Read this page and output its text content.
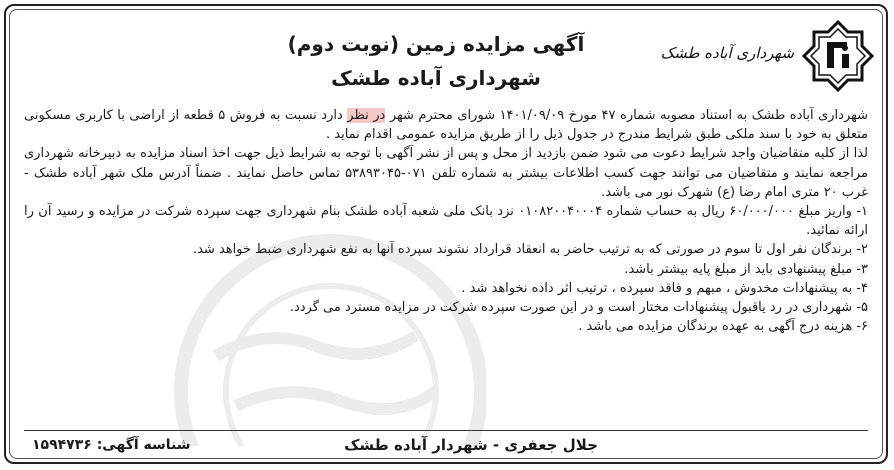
شهرداری آباده طشک
آگهی مزایده زمین (نوبت دوم)
شهرداری آباده طشک

شهرداری آباده طشک به استناد مصوبه شماره ۴۷ مورخ ۱۴۰۱/۰۹/۰۹ شورای محترم شهر در نظر دارد نسبت به فروش ۵ قطعه از اراضی با کاربری مسکونی متعلق به خود با سند ملکی طبق شرایط مندرج در جدول ذیل را از طریق مزایده عمومی اقدام نماید .

لذا از کلیه متقاضیان واجد شرایط دعوت می شود ضمن بازدید از محل و پس از نشر آگهی با توجه به شرایط ذیل جهت اخذ اسناد مزایده به دبیرخانه شهرداری مراجعه نمایند و متقاضیان می توانند جهت کسب اطلاعات بیشتر به شماره تلفن ۰۷۱-۵۳۸۹۳۰۴۵ تماس حاصل نمایند . ضمناً آدرس ملک شهر آباده طشک - غرب ۲۰ متری امام رضا (ع) شهرک نور می باشد.

۱- واریز مبلغ ۶۰/۰۰۰/۰۰۰ ریال به حساب شماره ۰۱۰۸۲۰۰۴۰۰۰۴ نزد بانک ملی شعبه آباده طشک بنام شهرداری جهت سپرده شرکت در مزایده و رسید آن را ارائه نمائید.

۲- برندگان نفر اول تا سوم در صورتی که به ترتیب حاضر به انعقاد قرارداد نشوند سپرده آنها به نفع شهرداری ضبط خواهد شد.

۳- مبلغ پیشنهادی باید از مبلغ پایه بیشتر باشد.

۴- به پیشنهادات مخدوش ، مبهم و فاقد سپرده ، ترتیب اثر داده نخواهد شد .

۵- شهرداری در رد یاقبول پیشنهادات مختار است و در این صورت سپرده شرکت در مزایده مسترد می گردد.

۶- هزینه درج آگهی به عهده برندگان مزایده می باشد .

جلال جعفری - شهردار آباده طشک
شناسه آگهی: ۱۵۹۴۷۳۶
